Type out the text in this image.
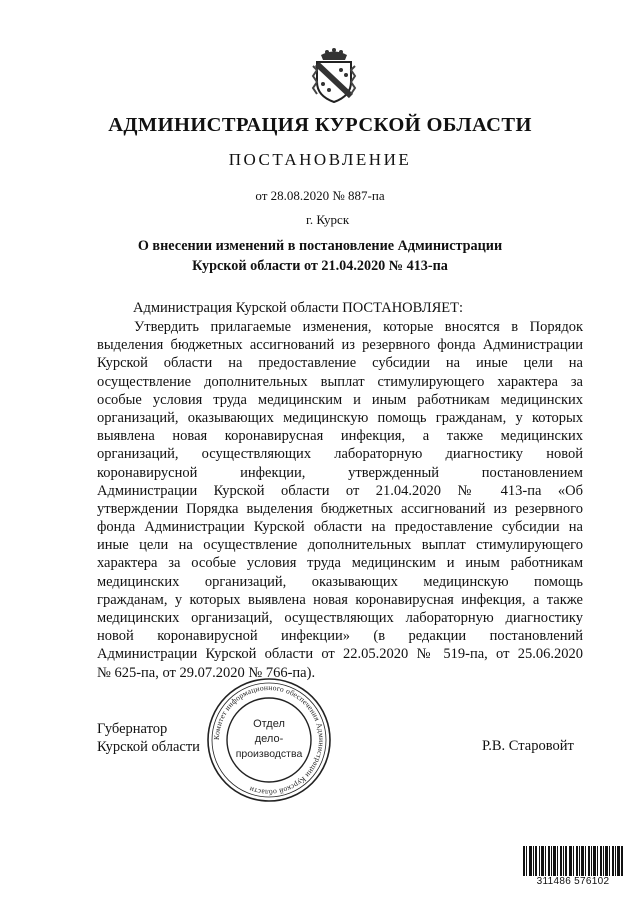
АДМИНИСТРАЦИЯ КУРСКОЙ ОБЛАСТИ
ПОСТАНОВЛЕНИЕ
от 28.08.2020 № 887-па
г. Курск
О внесении изменений в постановление Администрации
Курской области от 21.04.2020 № 413-па
Администрация Курской области ПОСТАНОВЛЯЕТ:
Утвердить прилагаемые изменения, которые вносятся в Порядок
выделения бюджетных ассигнований из резервного фонда Администрации
Курской области на предоставление субсидии на иные цели на
осуществление дополнительных выплат стимулирующего характера за
особые условия труда медицинским и иным работникам медицинских
организаций, оказывающих медицинскую помощь гражданам, у которых
выявлена новая коронавирусная инфекция, а также медицинских
организаций, осуществляющих лабораторную диагностику новой
коронавирусной инфекции, утвержденный постановлением
Администрации Курской области от 21.04.2020 № 413-па «Об
утверждении Порядка выделения бюджетных ассигнований из резервного
фонда Администрации Курской области на предоставление субсидии на
иные цели на осуществление дополнительных выплат стимулирующего
характера за особые условия труда медицинским и иным работникам
медицинских организаций, оказывающих медицинскую помощь
гражданам, у которых выявлена новая коронавирусная инфекция, а также
медицинских организаций, осуществляющих лабораторную диагностику
новой коронавирусной инфекции» (в редакции постановлений
Администрации Курской области от 22.05.2020 № 519-па, от 25.06.2020
№ 625-па, от 29.07.2020 № 766-па).
Губернатор
Курской области	Р.В. Старовойт
Комитет информационного обеспечения Администрации Курской области
Отдел
дело-
производства
311486 576102
